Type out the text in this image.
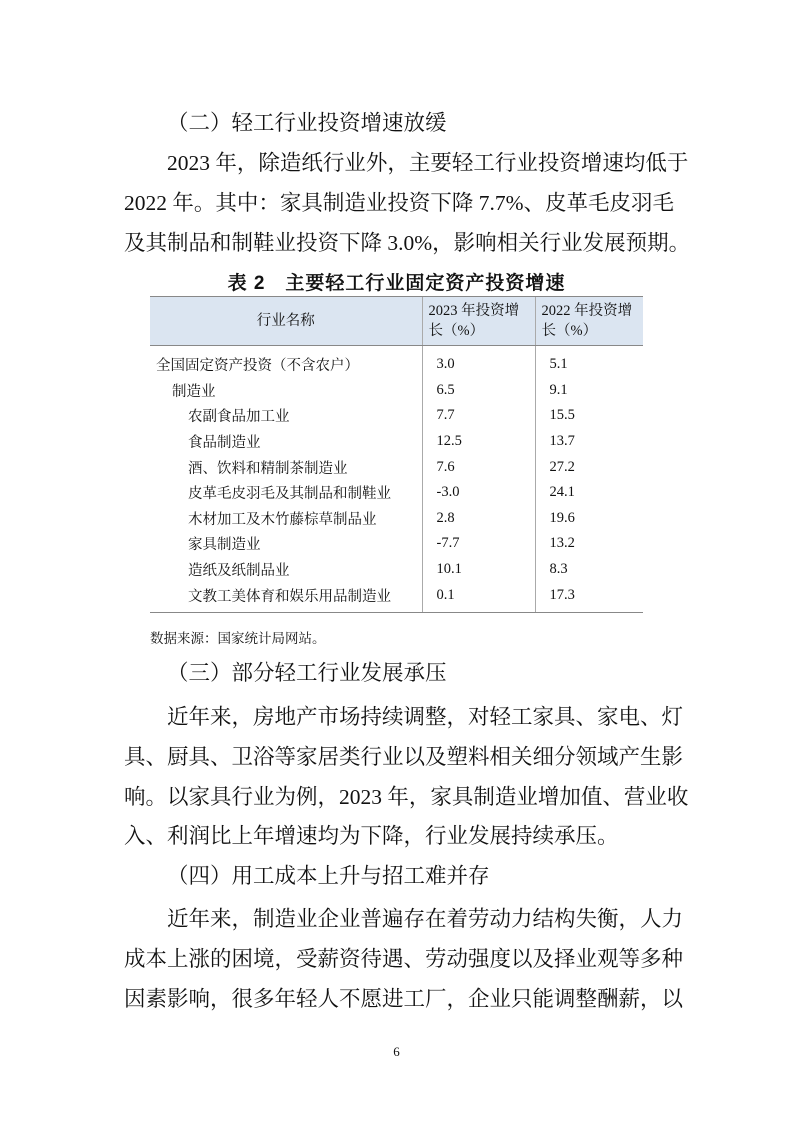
（二）轻工行业投资增速放缓
2023 年，除造纸行业外，主要轻工行业投资增速均低于
2022 年。其中：家具制造业投资下降 7.7%、皮革毛皮羽毛
及其制品和制鞋业投资下降 3.0%，影响相关行业发展预期。
表 2　主要轻工行业固定资产投资增速
行业名称	2023 年投资增长（%）	2022 年投资增长（%）
全国固定资产投资（不含农户）	3.0	5.1
制造业	6.5	9.1
农副食品加工业	7.7	15.5
食品制造业	12.5	13.7
酒、饮料和精制茶制造业	7.6	27.2
皮革毛皮羽毛及其制品和制鞋业	-3.0	24.1
木材加工及木竹藤棕草制品业	2.8	19.6
家具制造业	-7.7	13.2
造纸及纸制品业	10.1	8.3
文教工美体育和娱乐用品制造业	0.1	17.3
数据来源：国家统计局网站。
（三）部分轻工行业发展承压
近年来，房地产市场持续调整，对轻工家具、家电、灯
具、厨具、卫浴等家居类行业以及塑料相关细分领域产生影
响。以家具行业为例，2023 年，家具制造业增加值、营业收
入、利润比上年增速均为下降，行业发展持续承压。
（四）用工成本上升与招工难并存
近年来，制造业企业普遍存在着劳动力结构失衡，人力
成本上涨的困境，受薪资待遇、劳动强度以及择业观等多种
因素影响，很多年轻人不愿进工厂，企业只能调整酬薪，以
6
